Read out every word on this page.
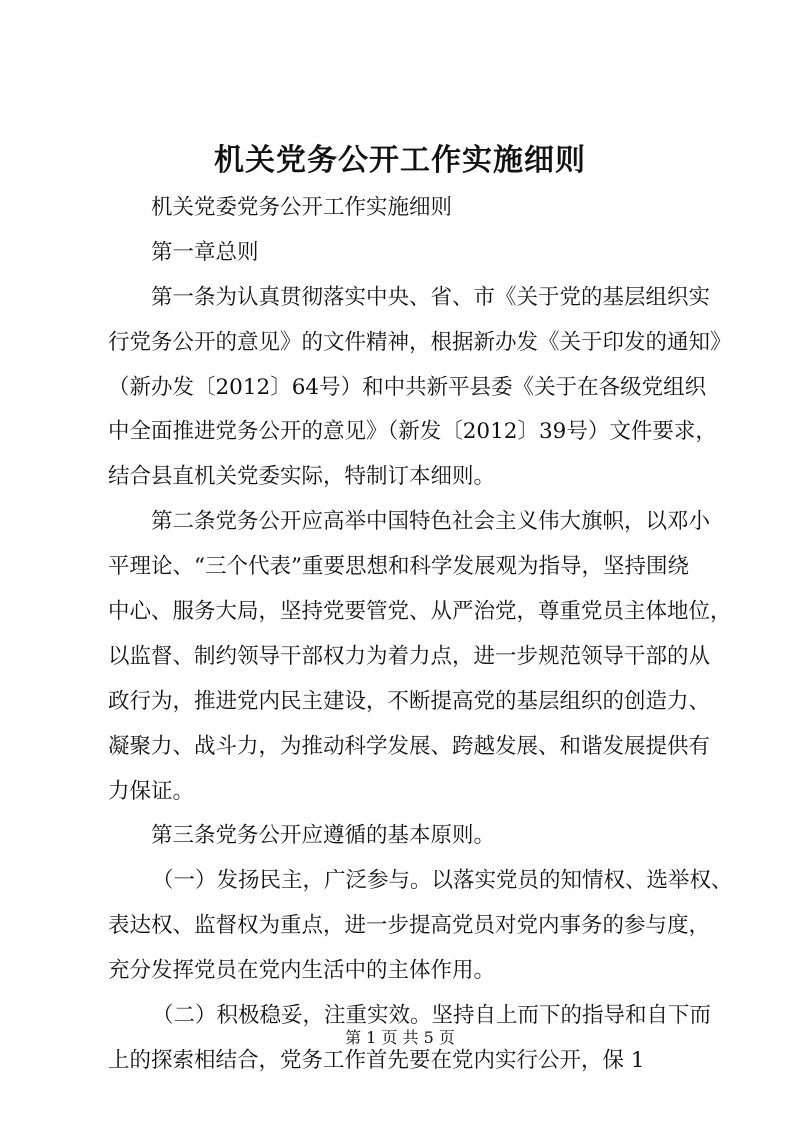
机关党务公开工作实施细则
机关党委党务公开工作实施细则
第一章总则
第一条为认真贯彻落实中央、省、市《关于党的基层组织实
行党务公开的意见》的文件精神，根据新办发《关于印发的通知》
（新办发〔2012〕64号）和中共新平县委《关于在各级党组织
中全面推进党务公开的意见》（新发〔2012〕39号）文件要求，
结合县直机关党委实际，特制订本细则。
第二条党务公开应高举中国特色社会主义伟大旗帜，以邓小
平理论、“三个代表”重要思想和科学发展观为指导，坚持围绕
中心、服务大局，坚持党要管党、从严治党，尊重党员主体地位，
以监督、制约领导干部权力为着力点，进一步规范领导干部的从
政行为，推进党内民主建设，不断提高党的基层组织的创造力、
凝聚力、战斗力，为推动科学发展、跨越发展、和谐发展提供有
力保证。
第三条党务公开应遵循的基本原则。
（一）发扬民主，广泛参与。以落实党员的知情权、选举权、
表达权、监督权为重点，进一步提高党员对党内事务的参与度，
充分发挥党员在党内生活中的主体作用。
（二）积极稳妥，注重实效。坚持自上而下的指导和自下而
上的探索相结合，党务工作首先要在党内实行公开，保 1
第 1 页 共 5 页
